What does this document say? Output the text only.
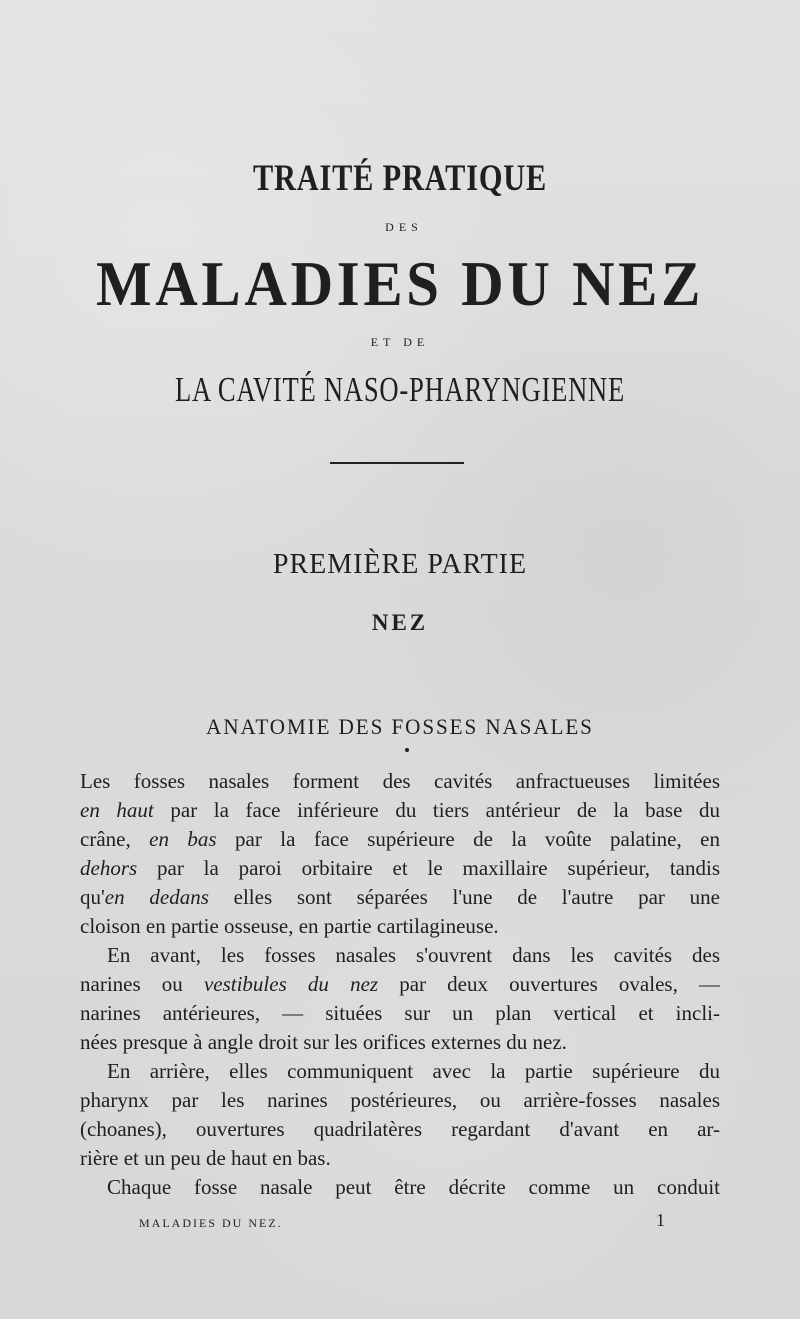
TRAITÉ PRATIQUE
DES
MALADIES DU NEZ
ET DE
LA CAVITÉ NASO-PHARYNGIENNE
PREMIÈRE PARTIE
NEZ
ANATOMIE DES FOSSES NASALES
Les fosses nasales forment des cavités anfractueuses limitées
en haut par la face inférieure du tiers antérieur de la base du
crâne, en bas par la face supérieure de la voûte palatine, en
dehors par la paroi orbitaire et le maxillaire supérieur, tandis
qu'en dedans elles sont séparées l'une de l'autre par une
cloison en partie osseuse, en partie cartilagineuse.
En avant, les fosses nasales s'ouvrent dans les cavités des
narines ou vestibules du nez par deux ouvertures ovales, —
narines antérieures, — situées sur un plan vertical et incli-
nées presque à angle droit sur les orifices externes du nez.
En arrière, elles communiquent avec la partie supérieure du
pharynx par les narines postérieures, ou arrière-fosses nasales
(choanes), ouvertures quadrilatères regardant d'avant en ar-
rière et un peu de haut en bas.
Chaque fosse nasale peut être décrite comme un conduit
MALADIES DU NEZ.	1
